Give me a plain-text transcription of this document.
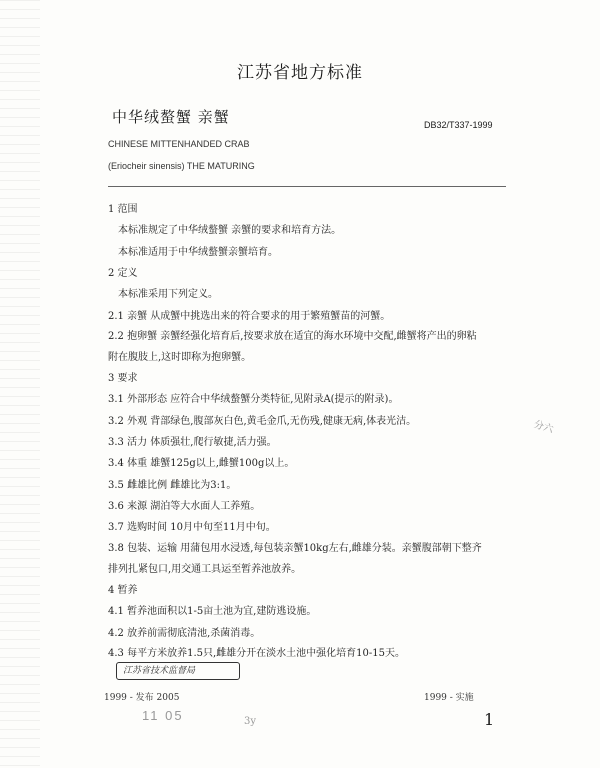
江苏省地方标准
中华绒螯蟹 亲蟹	DB32/T337-1999
CHINESE MITTENHANDED CRAB
(Eriocheir sinensis) THE MATURING
1 范围
本标准规定了中华绒螯蟹 亲蟹的要求和培育方法。
本标准适用于中华绒螯蟹亲蟹培育。
2 定义
本标准采用下列定义。
2.1 亲蟹 从成蟹中挑选出来的符合要求的用于繁殖蟹苗的河蟹。
2.2 抱卵蟹 亲蟹经强化培育后,按要求放在适宜的海水环境中交配,雌蟹将产出的卵粘
附在腹肢上,这时即称为抱卵蟹。
3 要求
3.1 外部形态 应符合中华绒螯蟹分类特征,见附录A(提示的附录)。
3.2 外观 背部绿色,腹部灰白色,黄毛金爪,无伤残,健康无病,体表光洁。
3.3 活力 体质强壮,爬行敏捷,活力强。
3.4 体重 雄蟹125g以上,雌蟹100g以上。
3.5 雌雄比例 雌雄比为3:1。
3.6 来源 湖泊等大水面人工养殖。
3.7 选购时间 10月中旬至11月中旬。
3.8 包装、运输 用蒲包用水浸透,每包装亲蟹10kg左右,雌雄分装。亲蟹腹部朝下整齐
排列扎紧包口,用交通工具运至暂养池放养。
4 暂养
4.1 暂养池面积以1-5亩土池为宜,建防逃设施。
4.2 放养前需彻底清池,杀菌消毒。
4.3 每平方米放养1.5只,雌雄分开在淡水土池中强化培育10-15天。
江苏省技术监督局
1999 - 发布 2005	1999 - 实施
1
11 05	3y
分六
